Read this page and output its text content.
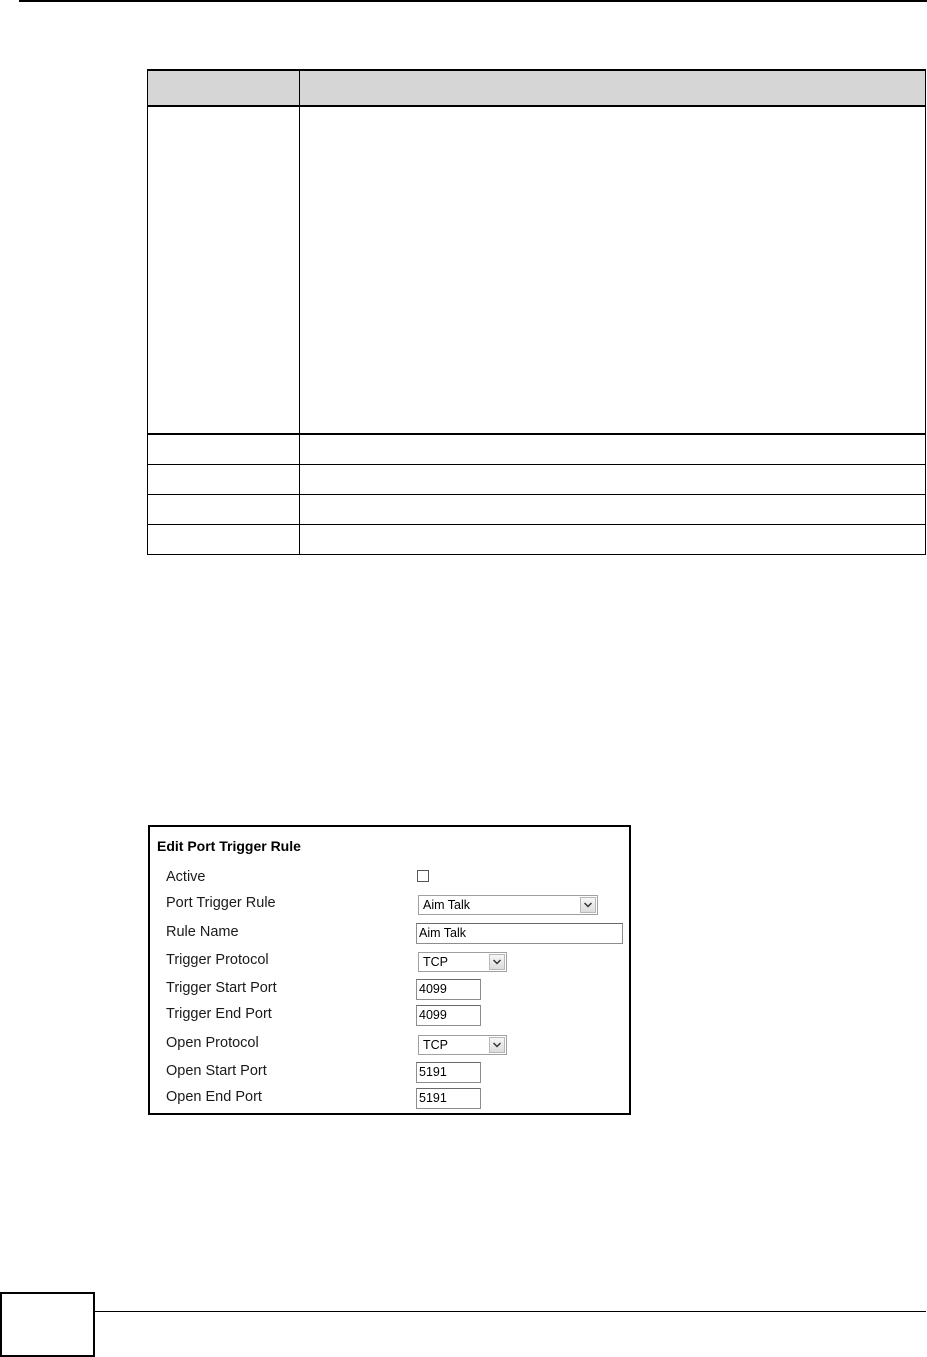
Edit Port Trigger Rule
Active
Port Trigger Rule	Aim Talk
Rule Name	Aim Talk
Trigger Protocol	TCP
Trigger Start Port	4099
Trigger End Port	4099
Open Protocol	TCP
Open Start Port	5191
Open End Port	5191
